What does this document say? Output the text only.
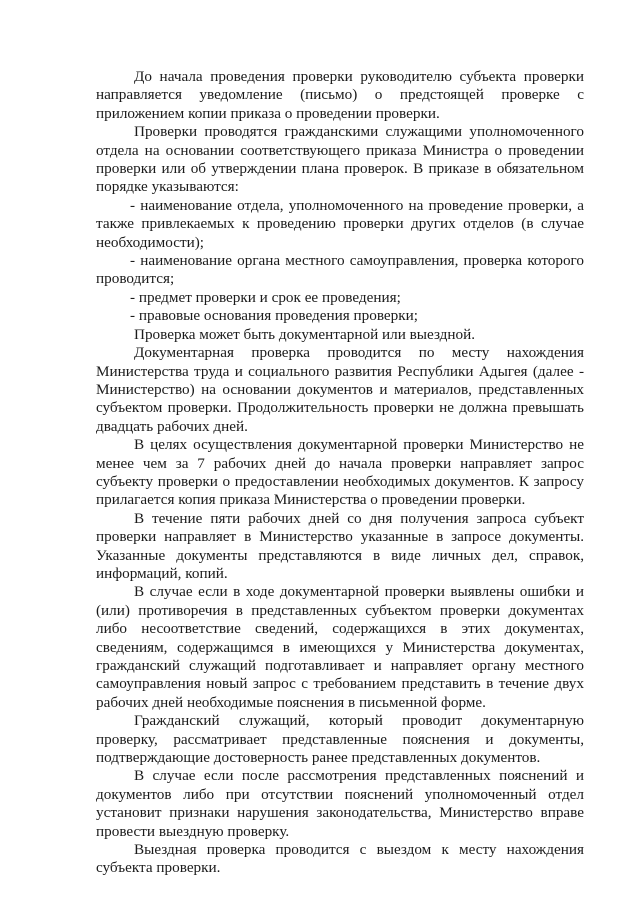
До начала проведения проверки руководителю субъекта проверки направляется уведомление (письмо) о предстоящей проверке с приложением копии приказа о проведении проверки.

Проверки проводятся гражданскими служащими уполномоченного отдела на основании соответствующего приказа Министра о проведении проверки или об утверждении плана проверок. В приказе в обязательном порядке указываются:

- наименование отдела, уполномоченного на проведение проверки, а также привлекаемых к проведению проверки других отделов (в случае необходимости);

- наименование органа местного самоуправления, проверка которого проводится;

- предмет проверки и срок ее проведения;

- правовые основания проведения проверки;

Проверка может быть документарной или выездной.

Документарная проверка проводится по месту нахождения Министерства труда и социального развития Республики Адыгея (далее - Министерство) на основании документов и материалов, представленных субъектом проверки. Продолжительность проверки не должна превышать двадцать рабочих дней.

В целях осуществления документарной проверки Министерство не менее чем за 7 рабочих дней до начала проверки направляет запрос субъекту проверки о предоставлении необходимых документов. К запросу прилагается копия приказа Министерства о проведении проверки.

В течение пяти рабочих дней со дня получения запроса субъект проверки направляет в Министерство указанные в запросе документы. Указанные документы представляются в виде личных дел, справок, информаций, копий.

В случае если в ходе документарной проверки выявлены ошибки и (или) противоречия в представленных субъектом проверки документах либо несоответствие сведений, содержащихся в этих документах, сведениям, содержащимся в имеющихся у Министерства документах, гражданский служащий подготавливает и направляет органу местного самоуправления новый запрос с требованием представить в течение двух рабочих дней необходимые пояснения в письменной форме.

Гражданский служащий, который проводит документарную проверку, рассматривает представленные пояснения и документы, подтверждающие достоверность ранее представленных документов.

В случае если после рассмотрения представленных пояснений и документов либо при отсутствии пояснений уполномоченный отдел установит признаки нарушения законодательства, Министерство вправе провести выездную проверку.

Выездная проверка проводится с выездом к месту нахождения субъекта проверки.
